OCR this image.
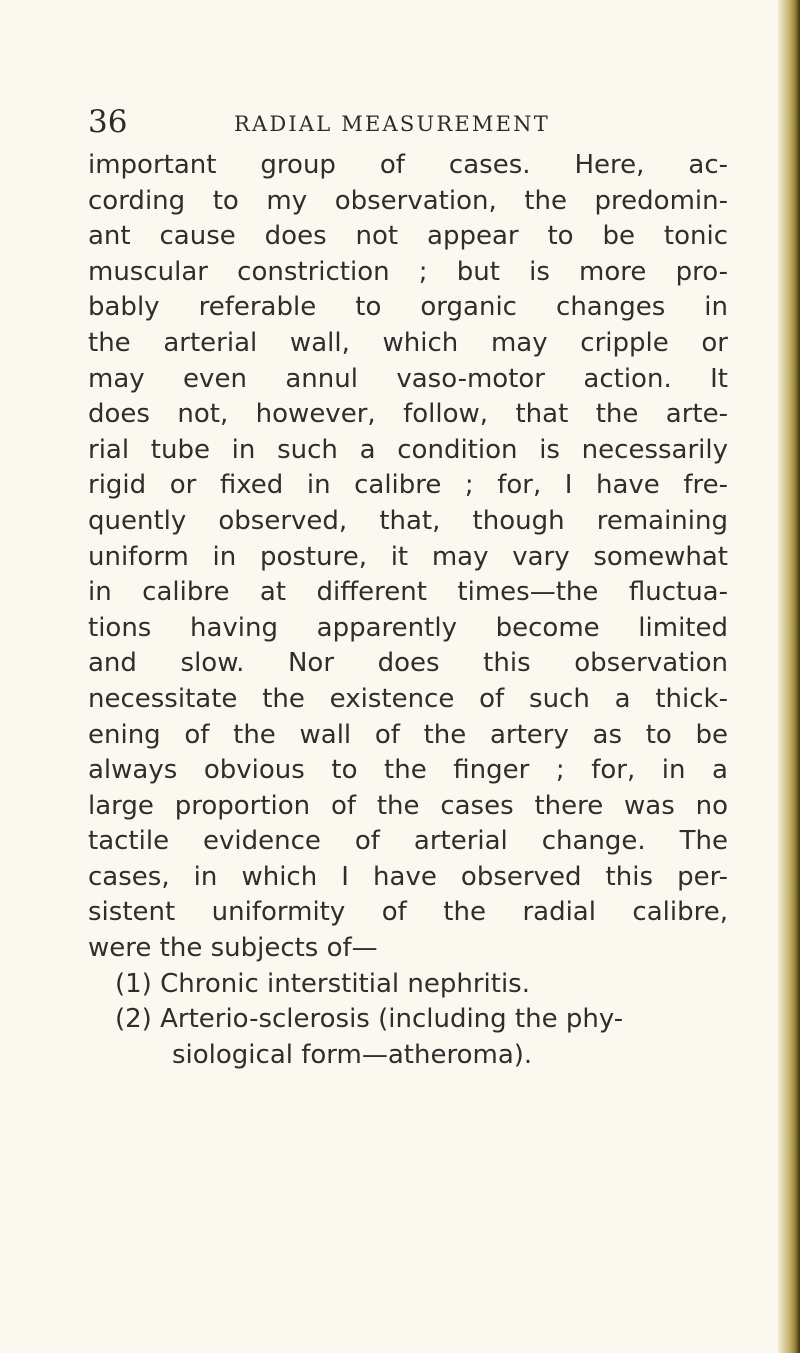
36	RADIAL MEASUREMENT
important group of cases. Here, ac-
cording to my observation, the predomin-
ant cause does not appear to be tonic
muscular constriction ; but is more pro-
bably referable to organic changes in
the arterial wall, which may cripple or
may even annul vaso-motor action. It
does not, however, follow, that the arte-
rial tube in such a condition is necessarily
rigid or fixed in calibre ; for, I have fre-
quently observed, that, though remaining
uniform in posture, it may vary somewhat
in calibre at different times—the fluctua-
tions having apparently become limited
and slow. Nor does this observation
necessitate the existence of such a thick-
ening of the wall of the artery as to be
always obvious to the finger ; for, in a
large proportion of the cases there was no
tactile evidence of arterial change. The
cases, in which I have observed this per-
sistent uniformity of the radial calibre,
were the subjects of—
(1) Chronic interstitial nephritis.
(2) Arterio-sclerosis (including the phy-
siological form—atheroma).
